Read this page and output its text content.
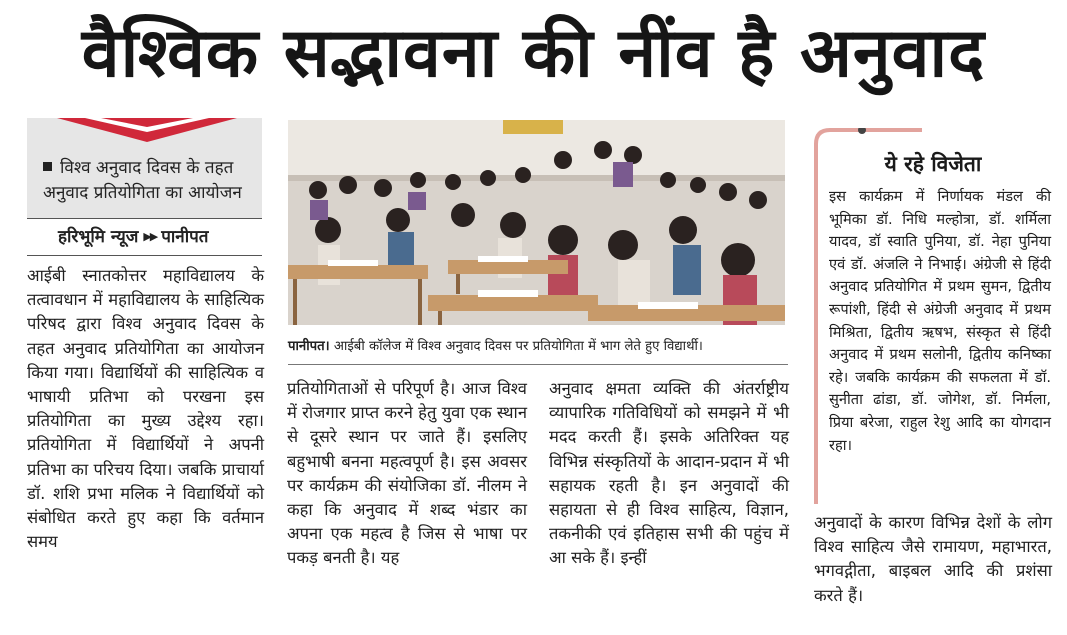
वैश्विक सद्भावना की नींव है अनुवाद
विश्व अनुवाद दिवस के तहत
अनुवाद प्रतियोगिता का आयोजन
हरिभूमि न्यूज ▶▶ पानीपत
आईबी स्नातकोत्तर महाविद्यालय के तत्वावधान में महाविद्यालय के साहित्यिक परिषद द्वारा विश्व अनुवाद दिवस के तहत अनुवाद प्रतियोगिता का आयोजन किया गया। विद्यार्थियों की साहित्यिक व भाषायी प्रतिभा को परखना इस प्रतियोगिता का मुख्य उद्देश्य रहा। प्रतियोगिता में विद्यार्थियों ने अपनी प्रतिभा का परिचय दिया। जबकि प्राचार्या डॉ. शशि प्रभा मलिक ने विद्यार्थियों को संबोधित करते हुए कहा कि वर्तमान समय
पानीपत। आईबी कॉलेज में विश्व अनुवाद दिवस पर प्रतियोगिता में भाग लेते हुए विद्यार्थी।
प्रतियोगिताओं से परिपूर्ण है। आज विश्व में रोजगार प्राप्त करने हेतु युवा एक स्थान से दूसरे स्थान पर जाते हैं। इसलिए बहुभाषी बनना महत्वपूर्ण है। इस अवसर पर कार्यक्रम की संयोजिका डॉ. नीलम ने कहा कि अनुवाद में शब्द भंडार का अपना एक महत्व है जिस से भाषा पर पकड़ बनती है। यह
अनुवाद क्षमता व्यक्ति की अंतर्राष्ट्रीय व्यापारिक गतिविधियों को समझने में भी मदद करती हैं। इसके अतिरिक्त यह विभिन्न संस्कृतियों के आदान-प्रदान में भी सहायक रहती है। इन अनुवादों की सहायता से ही विश्व साहित्य, विज्ञान, तकनीकी एवं इतिहास सभी की पहुंच में आ सके हैं। इन्हीं
ये रहे विजेता
इस कार्यक्रम में निर्णायक मंडल की भूमिका डॉ. निधि मल्होत्रा, डॉ. शर्मिला यादव, डॉ स्वाति पुनिया, डॉ. नेहा पुनिया एवं डॉ. अंजलि ने निभाई। अंग्रेजी से हिंदी अनुवाद प्रतियोगित में प्रथम सुमन, द्वितीय रूपांशी, हिंदी से अंग्रेजी अनुवाद में प्रथम मिश्रिता, द्वितीय ऋषभ, संस्कृत से हिंदी अनुवाद में प्रथम सलोनी, द्वितीय कनिष्का रहे। जबकि कार्यक्रम की सफलता में डॉ. सुनीता ढांडा, डॉ. जोगेश, डॉ. निर्मला, प्रिया बरेजा, राहुल रेशु आदि का योगदान रहा।
अनुवादों के कारण विभिन्न देशों के लोग विश्व साहित्य जैसे रामायण, महाभारत, भगवद्गीता, बाइबल आदि की प्रशंसा करते हैं।
